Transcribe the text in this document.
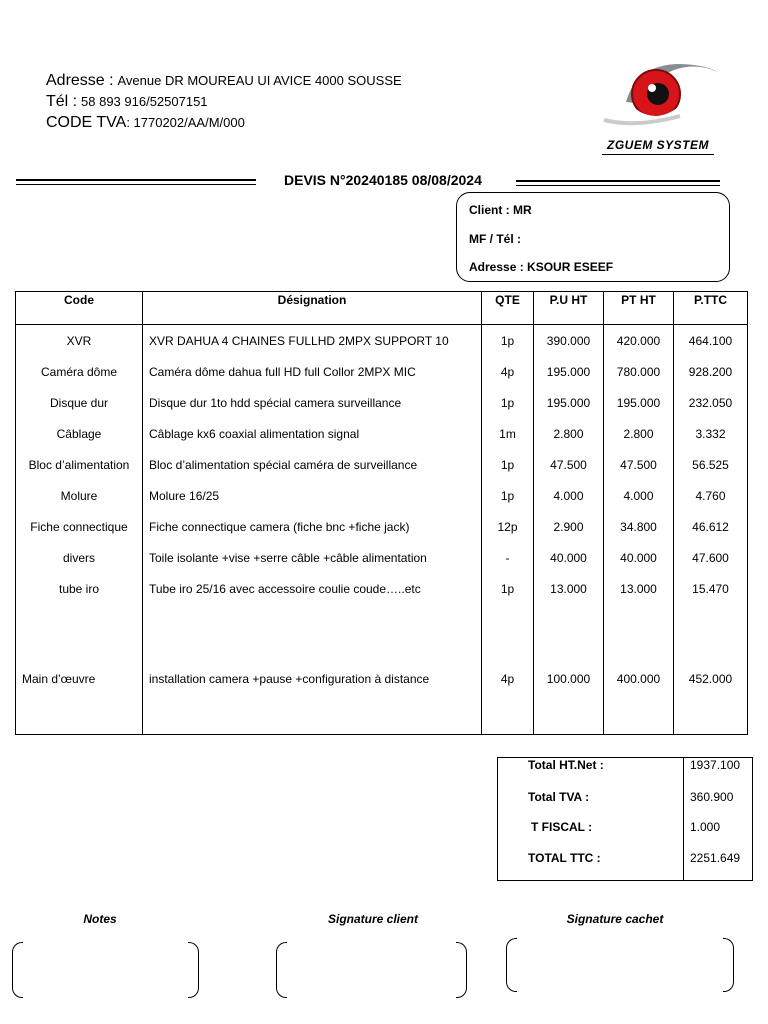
Adresse : Avenue DR MOUREAU UI AVICE 4000 SOUSSE
Tél : 58 893 916/52507151
CODE TVA: 1770202/AA/M/000
ZGUEM SYSTEM
DEVIS N°20240185 08/08/2024
Client : MR
MF / Tél :
Adresse : KSOUR ESEEF
Code	Désignation	QTE	P.U HT	PT HT	P.TTC
XVR	XVR DAHUA 4 CHAINES FULLHD 2MPX SUPPORT 10	1p	390.000	420.000	464.100
Caméra dôme	Caméra dôme dahua full HD full Collor 2MPX MIC	4p	195.000	780.000	928.200
Disque dur	Disque dur 1to hdd spécial camera surveillance	1p	195.000	195.000	232.050
Câblage	Câblage kx6 coaxial alimentation signal	1m	2.800	2.800	3.332
Bloc d’alimentation	Bloc d’alimentation spécial caméra de surveillance	1p	47.500	47.500	56.525
Molure	Molure 16/25	1p	4.000	4.000	4.760
Fiche connectique	Fiche connectique camera (fiche bnc +fiche jack)	12p	2.900	34.800	46.612
divers	Toile isolante +vise +serre câble +câble alimentation	-	40.000	40.000	47.600
tube iro	Tube iro 25/16 avec accessoire coulie coude…..etc	1p	13.000	13.000	15.470

Main d’œuvre	installation camera +pause +configuration à distance	4p	100.000	400.000	452.000
Total HT.Net :	1937.100
Total TVA :	360.900
T FISCAL :	1.000
TOTAL TTC :	2251.649
Notes	Signature client	Signature cachet
